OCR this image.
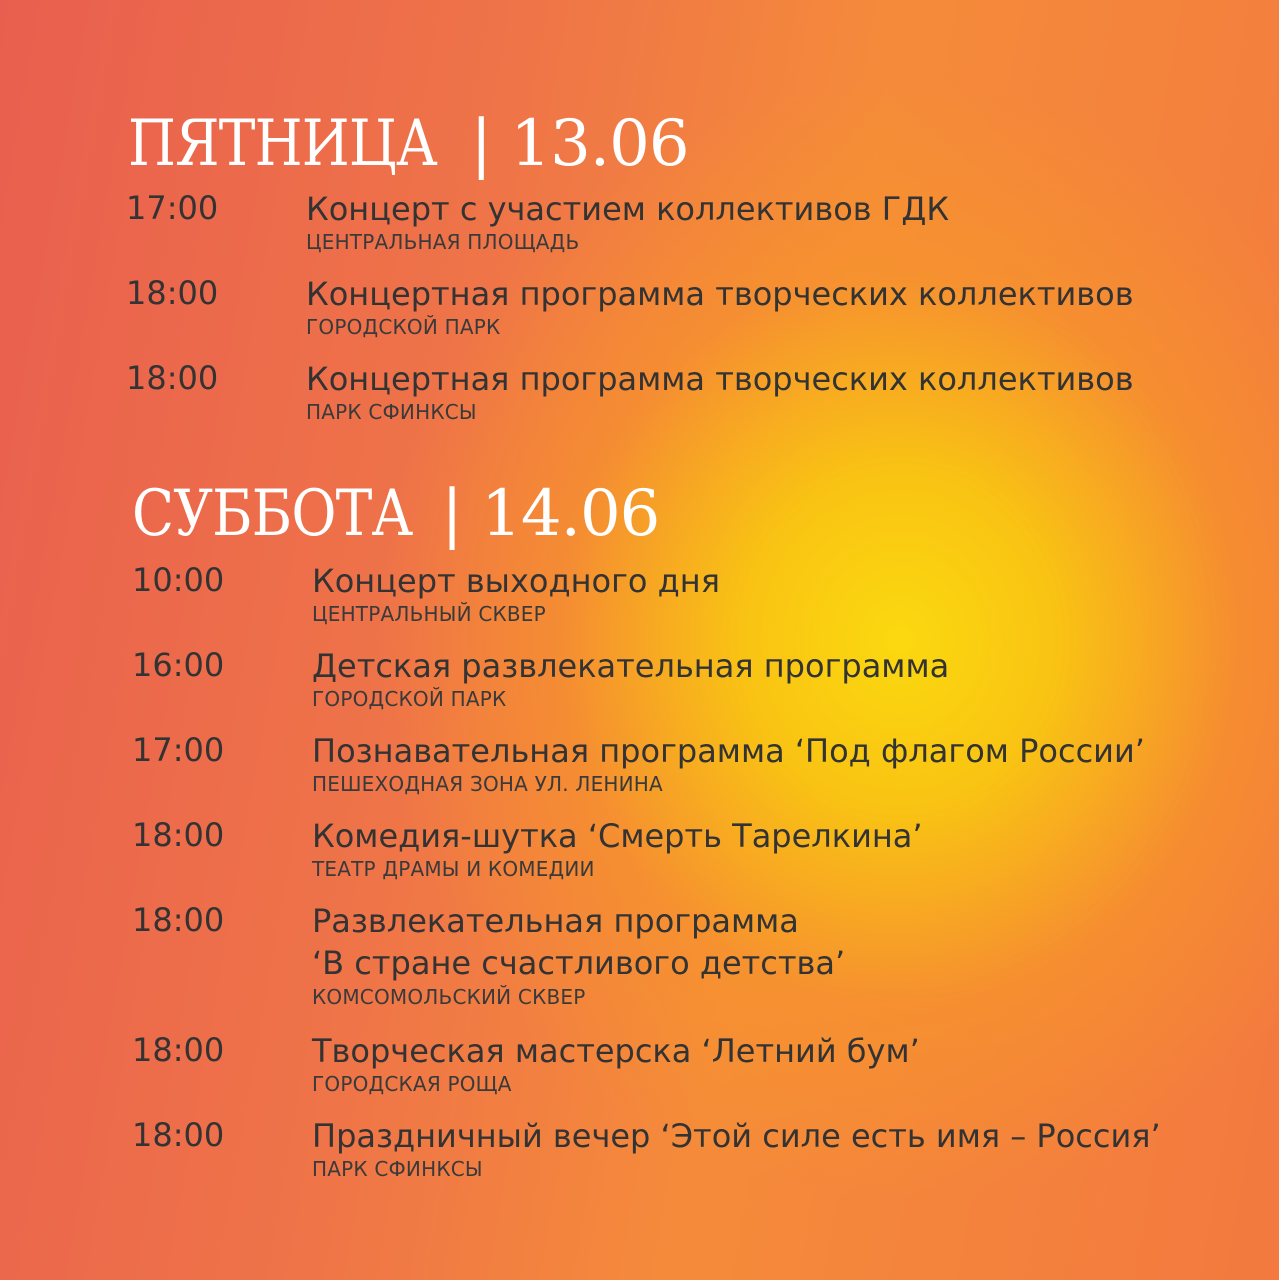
ПЯТНИЦА | 13.06
17:00	Концерт с участием коллективов ГДК
ЦЕНТРАЛЬНАЯ ПЛОЩАДЬ
18:00	Концертная программа творческих коллективов
ГОРОДСКОЙ ПАРК
18:00	Концертная программа творческих коллективов
ПАРК СФИНКСЫ
СУББОТА | 14.06
10:00	Концерт выходного дня
ЦЕНТРАЛЬНЫЙ СКВЕР
16:00	Детская развлекательная программа
ГОРОДСКОЙ ПАРК
17:00	Познавательная программа ‘Под флагом России’
ПЕШЕХОДНАЯ ЗОНА УЛ. ЛЕНИНА
18:00	Комедия-шутка ‘Смерть Тарелкина’
ТЕАТР ДРАМЫ И КОМЕДИИ
18:00	Развлекательная программа
‘В стране счастливого детства’
КОМСОМОЛЬСКИЙ СКВЕР
18:00	Творческая мастерска ‘Летний бум’
ГОРОДСКАЯ РОЩА
18:00	Праздничный вечер ‘Этой силе есть имя – Россия’
ПАРК СФИНКСЫ
